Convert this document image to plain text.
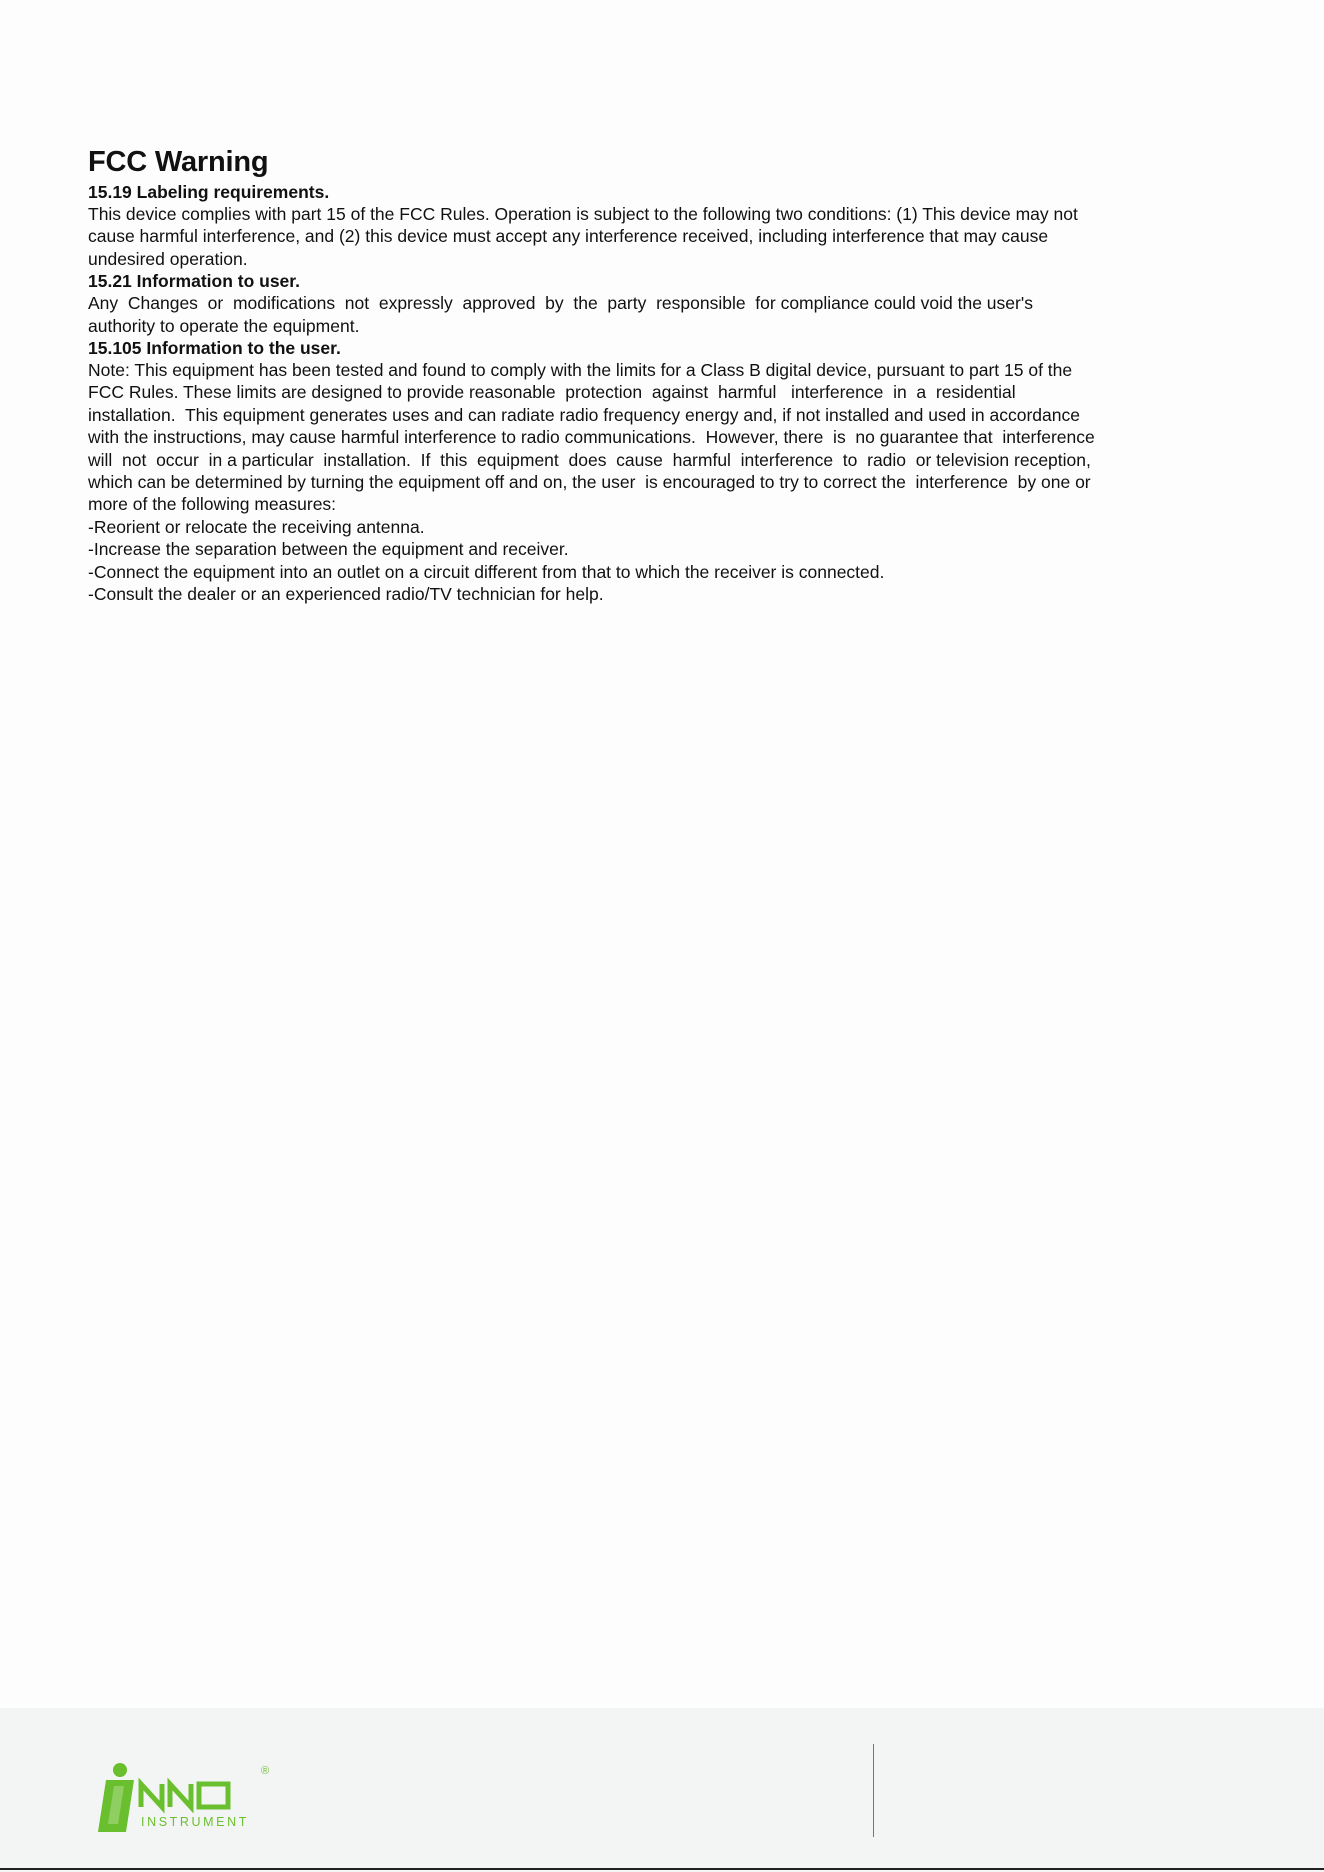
FCC Warning

15.19 Labeling requirements.

This device complies with part 15 of the FCC Rules. Operation is subject to the following two conditions: (1) This device may not

cause harmful interference, and (2) this device must accept any interference received, including interference that may cause

undesired operation.

15.21 Information to user.

Any  Changes  or  modifications  not  expressly  approved  by  the  party  responsible  for compliance could void the user's

authority to operate the equipment.

15.105 Information to the user.

Note: This equipment has been tested and found to comply with the limits for a Class B digital device, pursuant to part 15 of the

FCC Rules. These limits are designed to provide reasonable  protection  against  harmful   interference  in  a  residential

installation.  This equipment generates uses and can radiate radio frequency energy and, if not installed and used in accordance

with the instructions, may cause harmful interference to radio communications.  However, there  is  no guarantee that  interference

will  not  occur  in a particular  installation.  If  this  equipment  does  cause  harmful  interference  to  radio  or television reception,

which can be determined by turning the equipment off and on, the user  is encouraged to try to correct the  interference  by one or

more of the following measures:

-Reorient or relocate the receiving antenna.

-Increase the separation between the equipment and receiver.

-Connect the equipment into an outlet on a circuit different from that to which the receiver is connected.

-Consult the dealer or an experienced radio/TV technician for help.

INSTRUMENT
®
